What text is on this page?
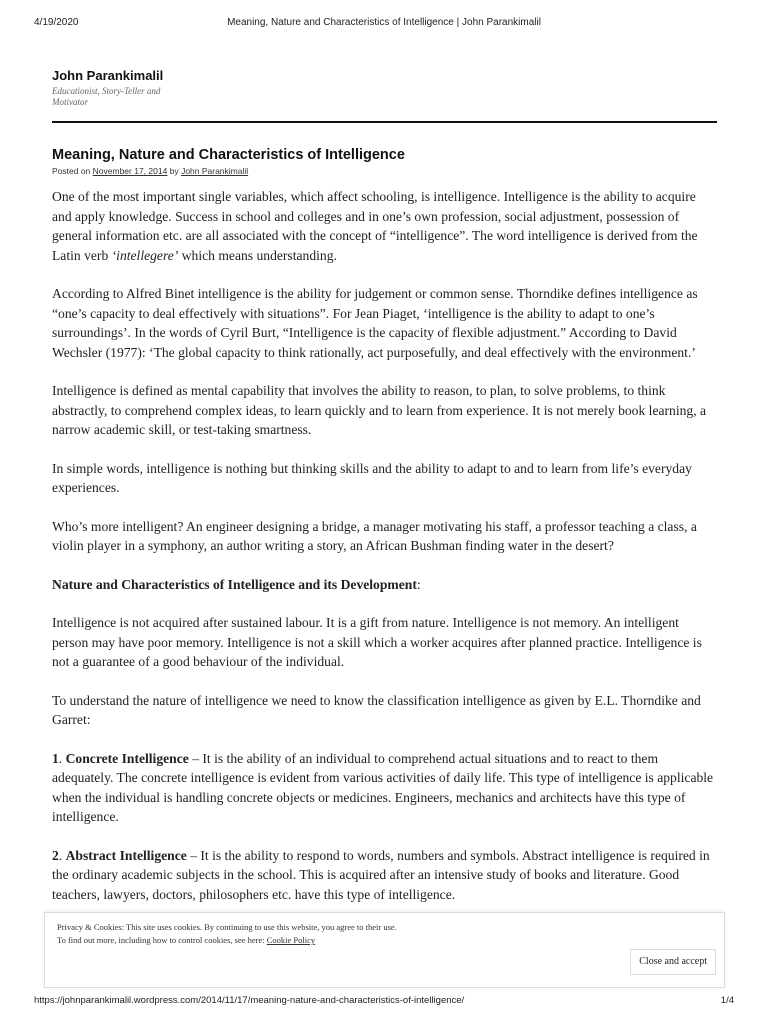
4/19/2020	Meaning, Nature and Characteristics of Intelligence | John Parankimalil
John Parankimalil
Educationist, Story-Teller and Motivator
Meaning, Nature and Characteristics of Intelligence
Posted on November 17, 2014 by John Parankimalil

One of the most important single variables, which affect schooling, is intelligence. Intelligence is the ability to acquire and apply knowledge. Success in school and colleges and in one’s own profession, social adjustment, possession of general information etc. are all associated with the concept of “intelligence”. The word intelligence is derived from the Latin verb ‘intellegere’ which means understanding.

According to Alfred Binet intelligence is the ability for judgement or common sense. Thorndike defines intelligence as “one’s capacity to deal effectively with situations”. For Jean Piaget, ‘intelligence is the ability to adapt to one’s surroundings’. In the words of Cyril Burt, “Intelligence is the capacity of flexible adjustment.” According to David Wechsler (1977): ‘The global capacity to think rationally, act purposefully, and deal effectively with the environment.’

Intelligence is defined as mental capability that involves the ability to reason, to plan, to solve problems, to think abstractly, to comprehend complex ideas, to learn quickly and to learn from experience. It is not merely book learning, a narrow academic skill, or test-taking smartness.

In simple words, intelligence is nothing but thinking skills and the ability to adapt to and to learn from life’s everyday experiences.

Who’s more intelligent? An engineer designing a bridge, a manager motivating his staff, a professor teaching a class, a violin player in a symphony, an author writing a story, an African Bushman finding water in the desert?

Nature and Characteristics of Intelligence and its Development:

Intelligence is not acquired after sustained labour. It is a gift from nature. Intelligence is not memory. An intelligent person may have poor memory. Intelligence is not a skill which a worker acquires after planned practice. Intelligence is not a guarantee of a good behaviour of the individual.

To understand the nature of intelligence we need to know the classification intelligence as given by E.L. Thorndike and Garret:

1. Concrete Intelligence – It is the ability of an individual to comprehend actual situations and to react to them adequately. The concrete intelligence is evident from various activities of daily life. This type of intelligence is applicable when the individual is handling concrete objects or medicines. Engineers, mechanics and architects have this type of intelligence.

2. Abstract Intelligence – It is the ability to respond to words, numbers and symbols. Abstract intelligence is required in the ordinary academic subjects in the school. This is acquired after an intensive study of books and literature. Good teachers, lawyers, doctors, philosophers etc. have this type of intelligence.

Privacy & Cookies: This site uses cookies. By continuing to use this website, you agree to their use.
To find out more, including how to control cookies, see here: Cookie Policy
Close and accept
https://johnparankimalil.wordpress.com/2014/11/17/meaning-nature-and-characteristics-of-intelligence/	1/4
